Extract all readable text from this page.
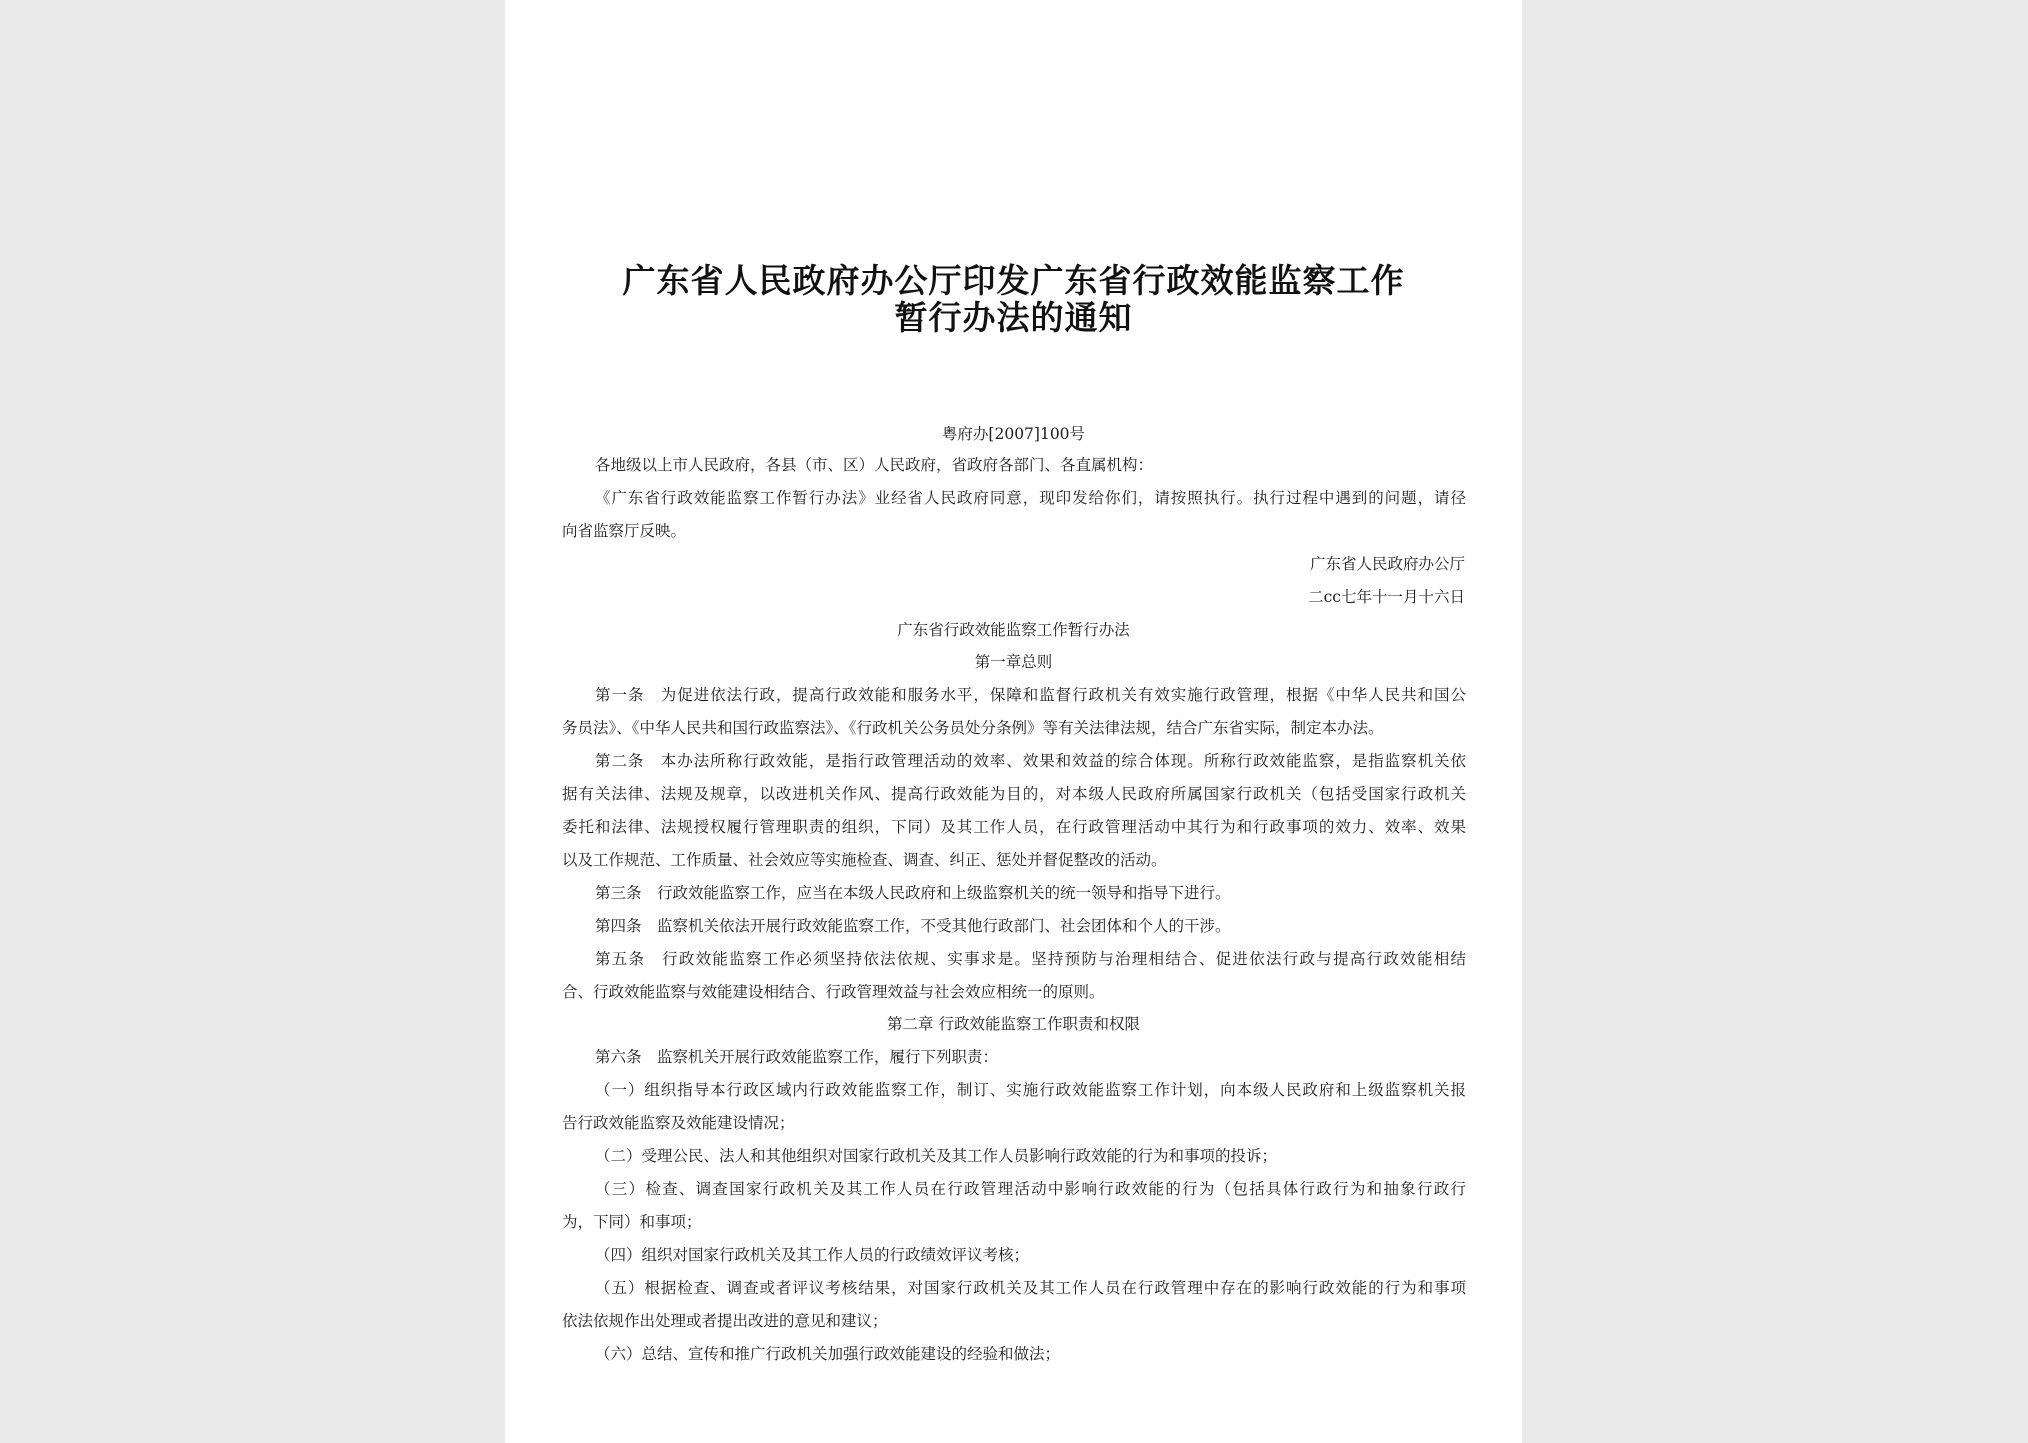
广东省人民政府办公厅印发广东省行政效能监察工作
暂行办法的通知
粤府办[2007]100号
各地级以上市人民政府，各县（市、区）人民政府，省政府各部门、各直属机构：
《广东省行政效能监察工作暂行办法》业经省人民政府同意，现印发给你们，请按照执行。执行过程中遇到的问题，请径
向省监察厅反映。
广东省人民政府办公厅
二cc七年十一月十六日
广东省行政效能监察工作暂行办法
第一章总则
第一条　为促进依法行政，提高行政效能和服务水平，保障和监督行政机关有效实施行政管理，根据《中华人民共和国公
务员法》、《中华人民共和国行政监察法》、《行政机关公务员处分条例》等有关法律法规，结合广东省实际，制定本办法。
第二条　本办法所称行政效能，是指行政管理活动的效率、效果和效益的综合体现。所称行政效能监察，是指监察机关依
据有关法律、法规及规章，以改进机关作风、提高行政效能为目的，对本级人民政府所属国家行政机关（包括受国家行政机关
委托和法律、法规授权履行管理职责的组织，下同）及其工作人员，在行政管理活动中其行为和行政事项的效力、效率、效果
以及工作规范、工作质量、社会效应等实施检查、调查、纠正、惩处并督促整改的活动。
第三条　行政效能监察工作，应当在本级人民政府和上级监察机关的统一领导和指导下进行。
第四条　监察机关依法开展行政效能监察工作，不受其他行政部门、社会团体和个人的干涉。
第五条　行政效能监察工作必须坚持依法依规、实事求是。坚持预防与治理相结合、促进依法行政与提高行政效能相结
合、行政效能监察与效能建设相结合、行政管理效益与社会效应相统一的原则。
第二章 行政效能监察工作职责和权限
第六条　监察机关开展行政效能监察工作，履行下列职责：
（一）组织指导本行政区域内行政效能监察工作，制订、实施行政效能监察工作计划，向本级人民政府和上级监察机关报
告行政效能监察及效能建设情况；
（二）受理公民、法人和其他组织对国家行政机关及其工作人员影响行政效能的行为和事项的投诉；
（三）检查、调查国家行政机关及其工作人员在行政管理活动中影响行政效能的行为（包括具体行政行为和抽象行政行
为，下同）和事项；
（四）组织对国家行政机关及其工作人员的行政绩效评议考核；
（五）根据检查、调查或者评议考核结果，对国家行政机关及其工作人员在行政管理中存在的影响行政效能的行为和事项
依法依规作出处理或者提出改进的意见和建议；
（六）总结、宣传和推广行政机关加强行政效能建设的经验和做法；
